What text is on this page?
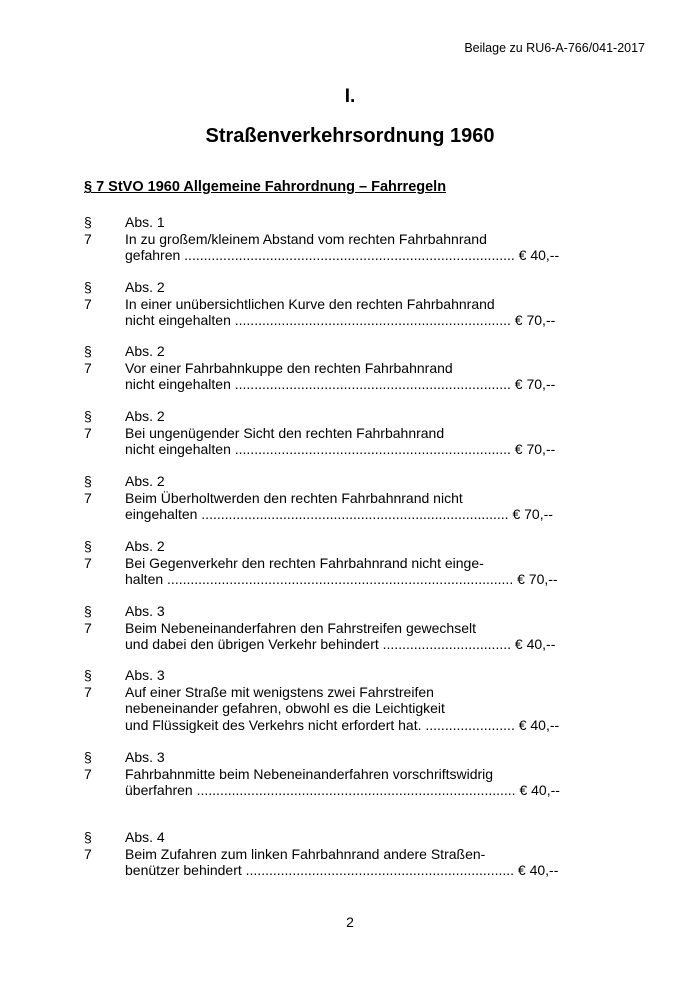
Beilage zu RU6-A-766/041-2017
I.
Straßenverkehrsordnung 1960
§ 7 StVO 1960 Allgemeine Fahrordnung – Fahrregeln
§ 7
Abs. 1
In zu großem/kleinem Abstand vom rechten Fahrbahnrand
gefahren ..................................................................................... € 40,--
§ 7
Abs. 2
In einer unübersichtlichen Kurve den rechten Fahrbahnrand
nicht eingehalten ....................................................................... € 70,--
§ 7
Abs. 2
Vor einer Fahrbahnkuppe den rechten Fahrbahnrand
nicht eingehalten ....................................................................... € 70,--
§ 7
Abs. 2
Bei ungenügender Sicht den rechten Fahrbahnrand
nicht eingehalten ....................................................................... € 70,--
§ 7
Abs. 2
Beim Überholtwerden den rechten Fahrbahnrand nicht
eingehalten ............................................................................... € 70,--
§ 7
Abs. 2
Bei Gegenverkehr den rechten Fahrbahnrand nicht einge-
halten ......................................................................................... € 70,--
§ 7
Abs. 3
Beim Nebeneinanderfahren den Fahrstreifen gewechselt
und dabei den übrigen Verkehr behindert ................................. € 40,--
§ 7
Abs. 3
Auf einer Straße mit wenigstens zwei Fahrstreifen
nebeneinander gefahren, obwohl es die Leichtigkeit
und Flüssigkeit des Verkehrs nicht erfordert hat. ....................... € 40,--
§ 7
Abs. 3
Fahrbahnmitte beim Nebeneinanderfahren vorschriftswidrig
überfahren .................................................................................. € 40,--
§ 7
Abs. 4
Beim Zufahren zum linken Fahrbahnrand andere Straßen-
benützer behindert ..................................................................... € 40,--
2
